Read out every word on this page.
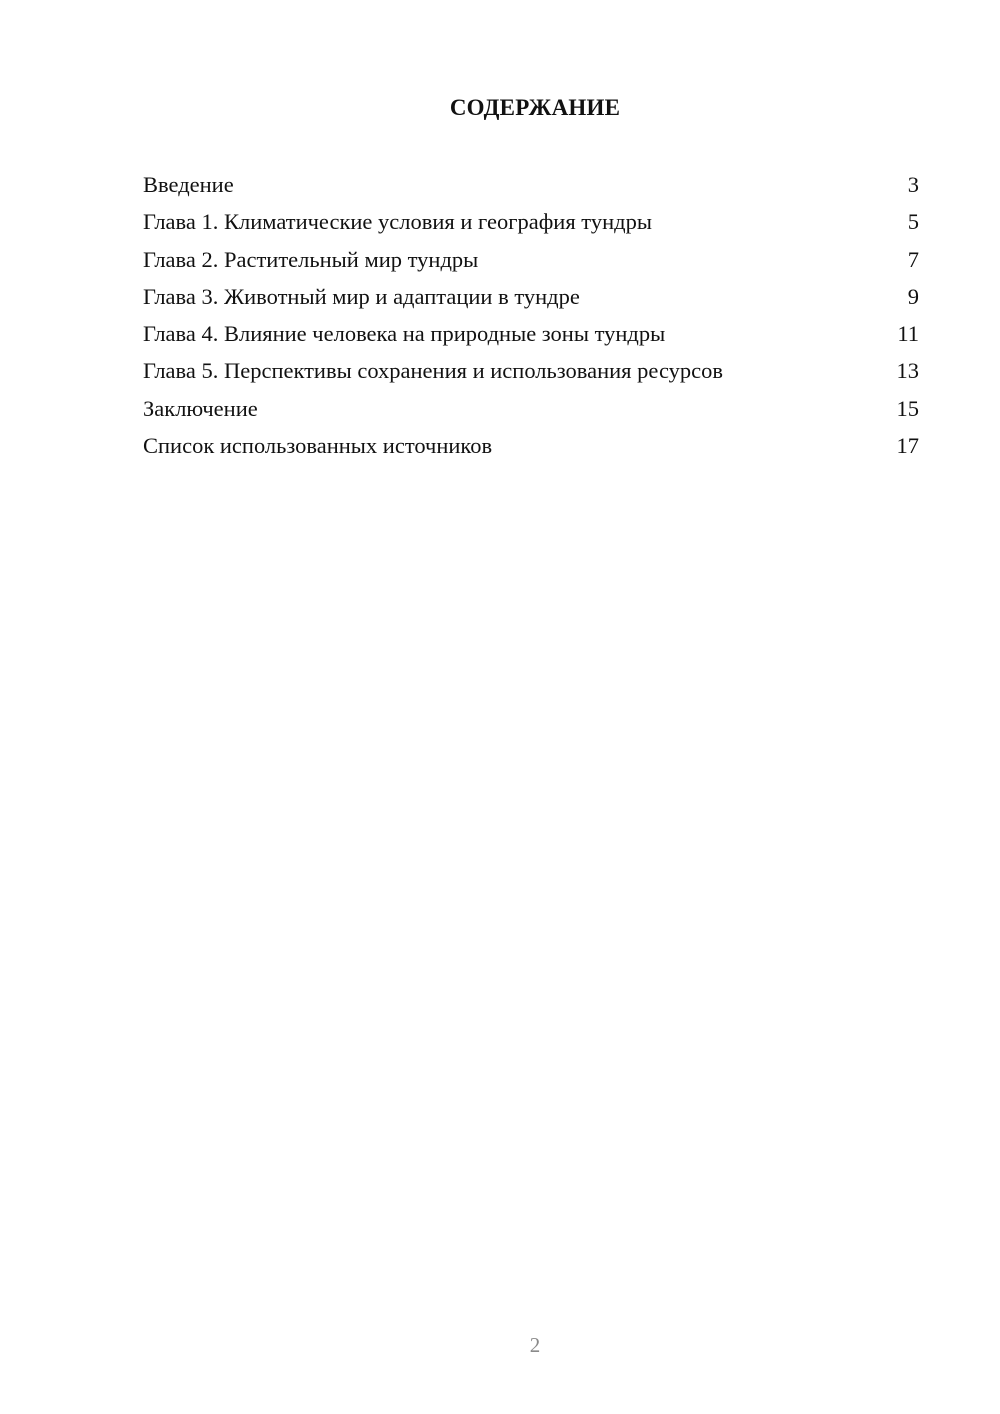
СОДЕРЖАНИЕ
Введение	3
Глава 1. Климатические условия и география тундры	5
Глава 2. Растительный мир тундры	7
Глава 3. Животный мир и адаптации в тундре	9
Глава 4. Влияние человека на природные зоны тундры	11
Глава 5. Перспективы сохранения и использования ресурсов	13
Заключение	15
Список использованных источников	17
2
